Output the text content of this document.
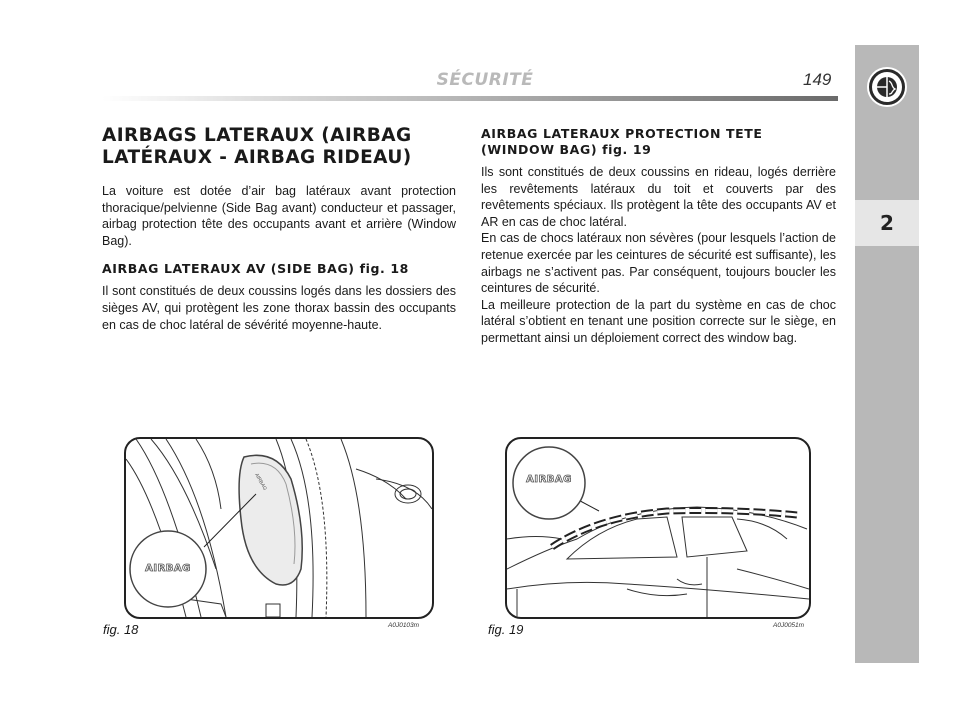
SÉCURITÉ	149
2
AIRBAGS LATERAUX (AIRBAG LATÉRAUX - AIRBAG RIDEAU)

La voiture est dotée d’air bag latéraux avant protection thoracique/pelvienne (Side Bag avant) conducteur et passager, airbag protection tête des occupants avant et arrière (Window Bag).

AIRBAG LATERAUX AV (SIDE BAG) fig. 18

Il sont constitués de deux coussins logés dans les dossiers des sièges AV, qui protègent les zone thorax bassin des occupants en cas de choc latéral de sévérité moyenne-haute.

AIRBAG LATERAUX PROTECTION TETE (WINDOW BAG) fig. 19

Ils sont constitués de deux coussins en rideau, logés derrière les revêtements latéraux du toit et couverts par des revêtements spéciaux. Ils protègent la tête des occupants AV et AR en cas de choc latéral.

En cas de chocs latéraux non sévères (pour lesquels l’action de retenue exercée par les ceintures de sécurité est suffisante), les airbags ne s’activent pas. Par conséquent, toujours boucler les ceintures de sécurité.

La meilleure protection de la part du système en cas de choc latéral s’obtient en tenant une position correcte sur le siège, en permettant ainsi un déploiement correct des window bag.

AIRBAG
AIRBAG
fig. 18	A0J0103m
AIRBAG
fig. 19	A0J0051m
